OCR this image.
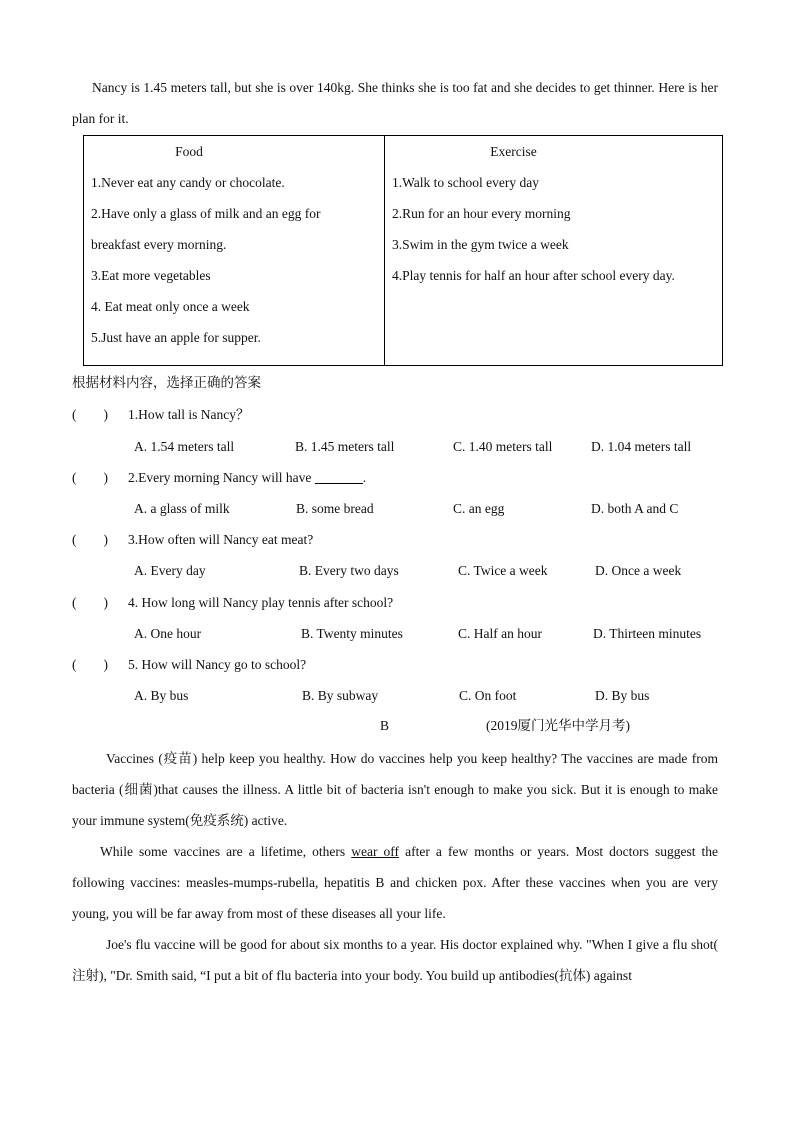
Nancy is 1.45 meters tall, but she is over 140kg. She thinks she is too fat and she decides to get thinner. Here is her plan for it.
Food
1.Never eat any candy or chocolate.
2.Have only a glass of milk and an egg for
breakfast every morning.
3.Eat more vegetables
4. Eat meat only once a week
5.Just have an apple for supper.

Exercise
1.Walk to school every day
2.Run for an hour every morning
3.Swim in the gym twice a week
4.Play tennis for half an hour after school every day.
根据材料内容，选择正确的答案
(　　) 1.How tall is Nancy？
A. 1.54 meters tall	B. 1.45 meters tall	C. 1.40 meters tall	D. 1.04 meters tall
(　　) 2.Every morning Nancy will have	.
A. a glass of milk	B. some bread	C. an egg	D. both A and C
(　　) 3.How often will Nancy eat meat?
A. Every day	B. Every two days	C. Twice a week	D. Once a week
(　　) 4. How long will Nancy play tennis after school?
A. One hour	B. Twenty minutes	C. Half an hour	D. Thirteen minutes
(　　) 5. How will Nancy go to school?
A. By bus	B. By subway	C. On foot	D. By bus
B	(2019厦门光华中学月考)
Vaccines (疫苗) help keep you healthy. How do vaccines help you keep healthy? The vaccines are made from bacteria (细菌)that causes the illness. A little bit of bacteria isn't enough to make you sick. But it is enough to make your immune system(免疫系统) active.
While some vaccines are a lifetime, others wear off after a few months or years. Most doctors suggest the following vaccines: measles-mumps-rubella, hepatitis B and chicken pox. After these vaccines when you are very young, you will be far away from most of these diseases all your life.
Joe's flu vaccine will be good for about six months to a year. His doctor explained why. "When I give a flu shot( 注射), "Dr. Smith said, “I put a bit of flu bacteria into your body. You build up antibodies(抗体) against
